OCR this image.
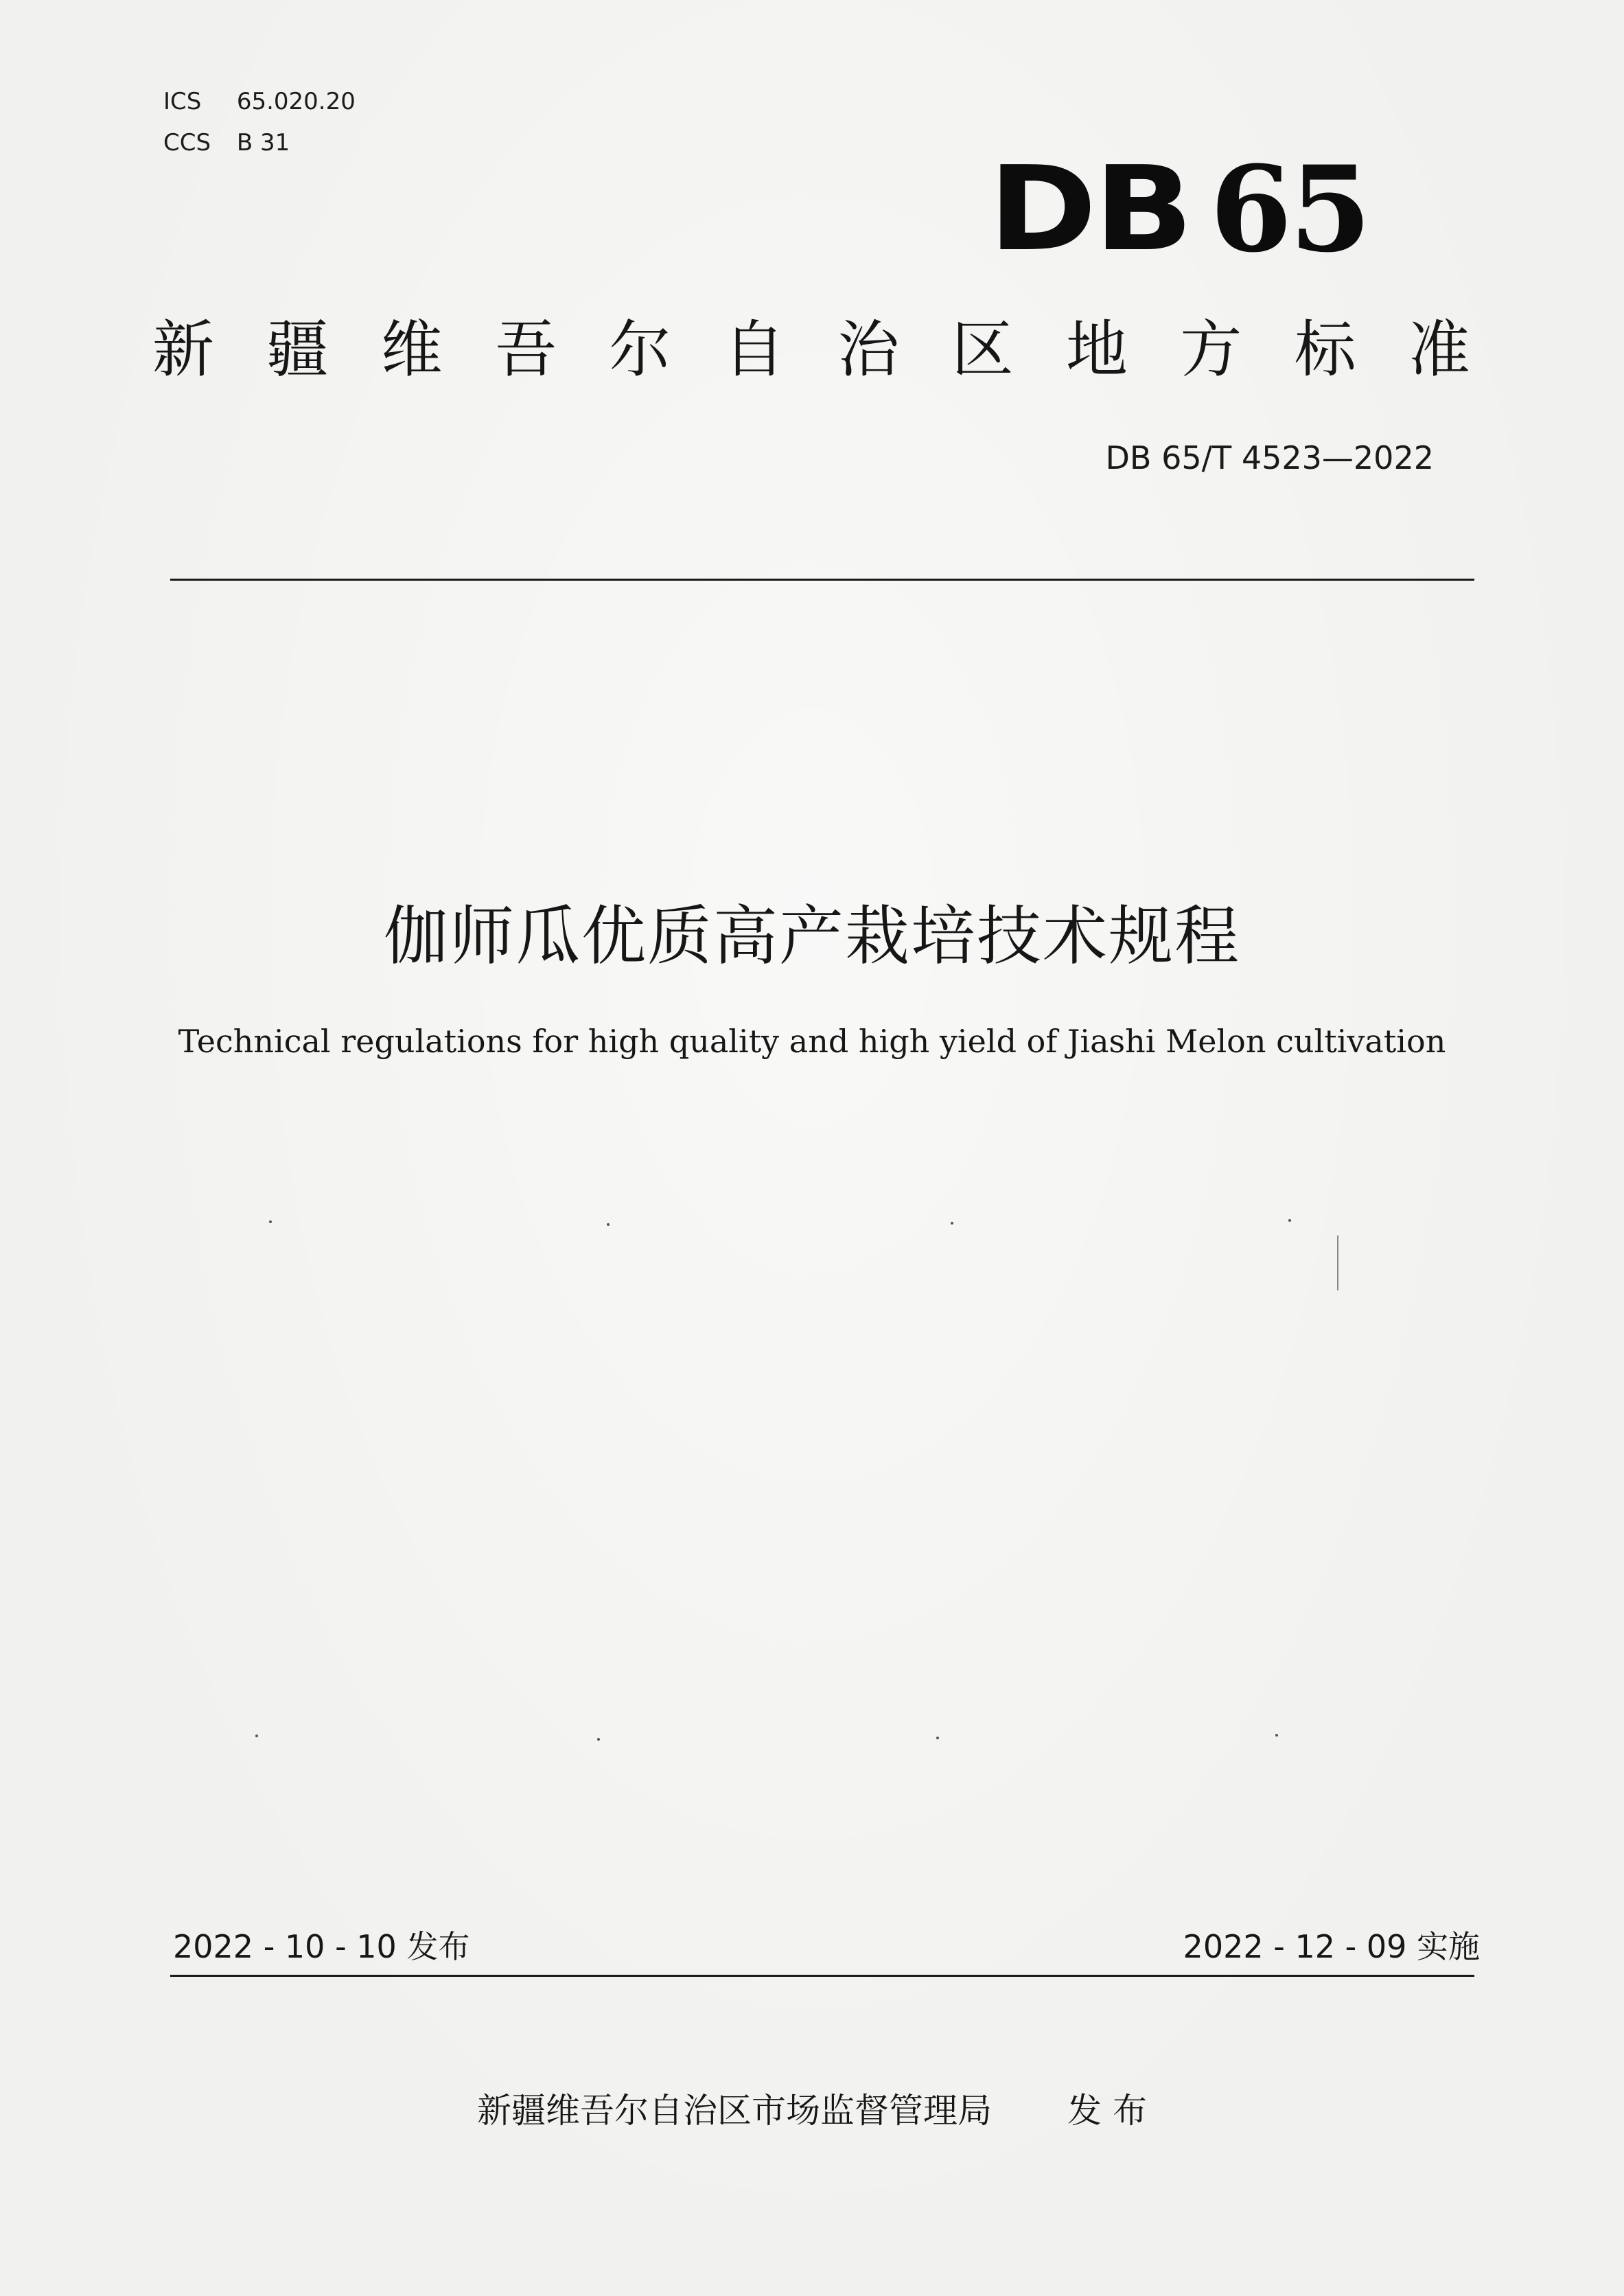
ICS 65.020.20
CCS B 31	DB 65
新 疆 维 吾 尔 自 治 区 地 方 标 准
DB 65/T 4523—2022
伽师瓜优质高产栽培技术规程
Technical regulations for high quality and high yield of Jiashi Melon cultivation
2022 - 10 - 10 发布	2022 - 12 - 09 实施
新疆维吾尔自治区市场监督管理局 发 布
